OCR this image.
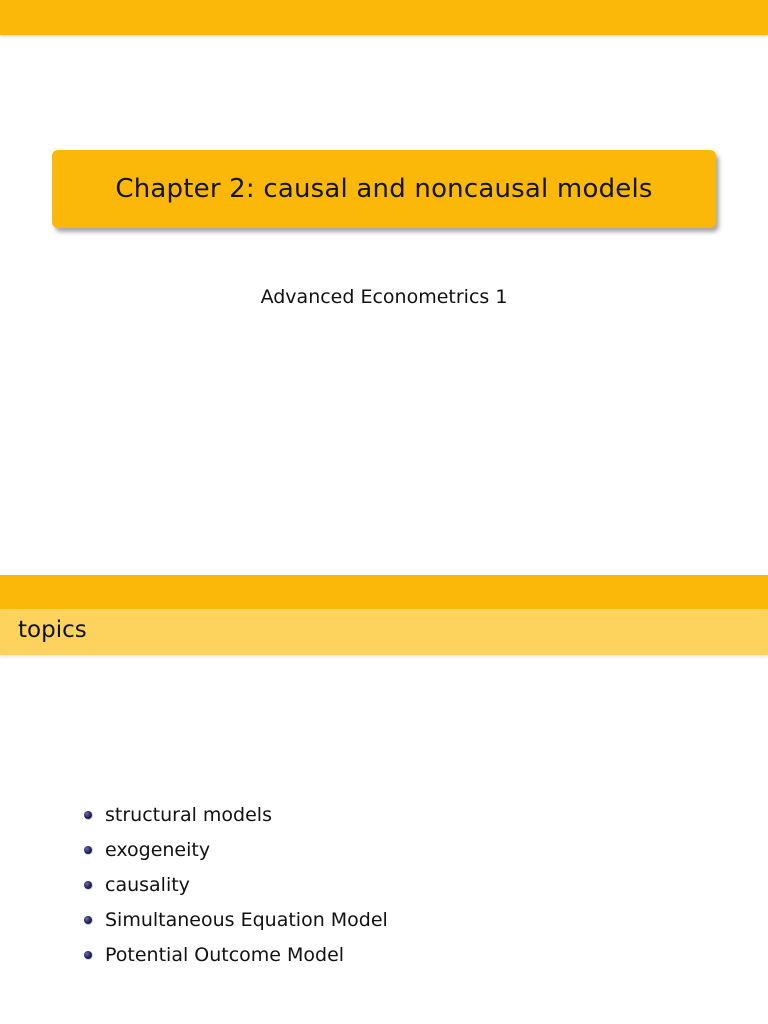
Chapter 2: causal and noncausal models
Advanced Econometrics 1
topics
structural models
exogeneity
causality
Simultaneous Equation Model
Potential Outcome Model
